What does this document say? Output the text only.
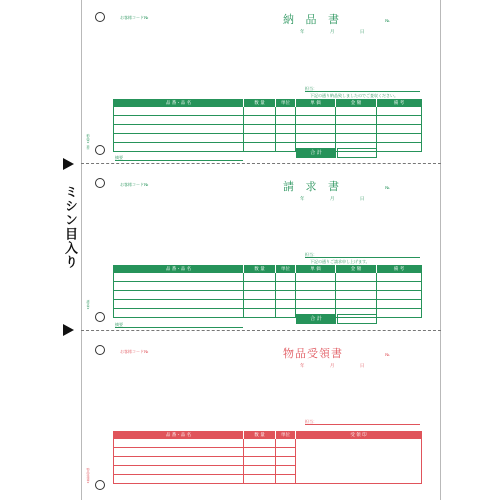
ミシン目入り
お客様コード№	納 品 書	№.
年 月 日
担当：
下記の通り納品致しましたのでご査収ください。
納品書（控）
品 番・品 名	数 量	単位	単 価	金 額	備 考

摘要
合 計
お客様コード№	請 求 書	№.
年 月 日
担当：
下記の通りご請求申し上げます。
請求書
品 番・品 名	数 量	単位	単 価	金 額	備 考

摘要
合 計
お客様コード№	物品受領書	№.
年 月 日
担当：
物品受領書
品 番・品 名	数 量	単位	受 領 印
